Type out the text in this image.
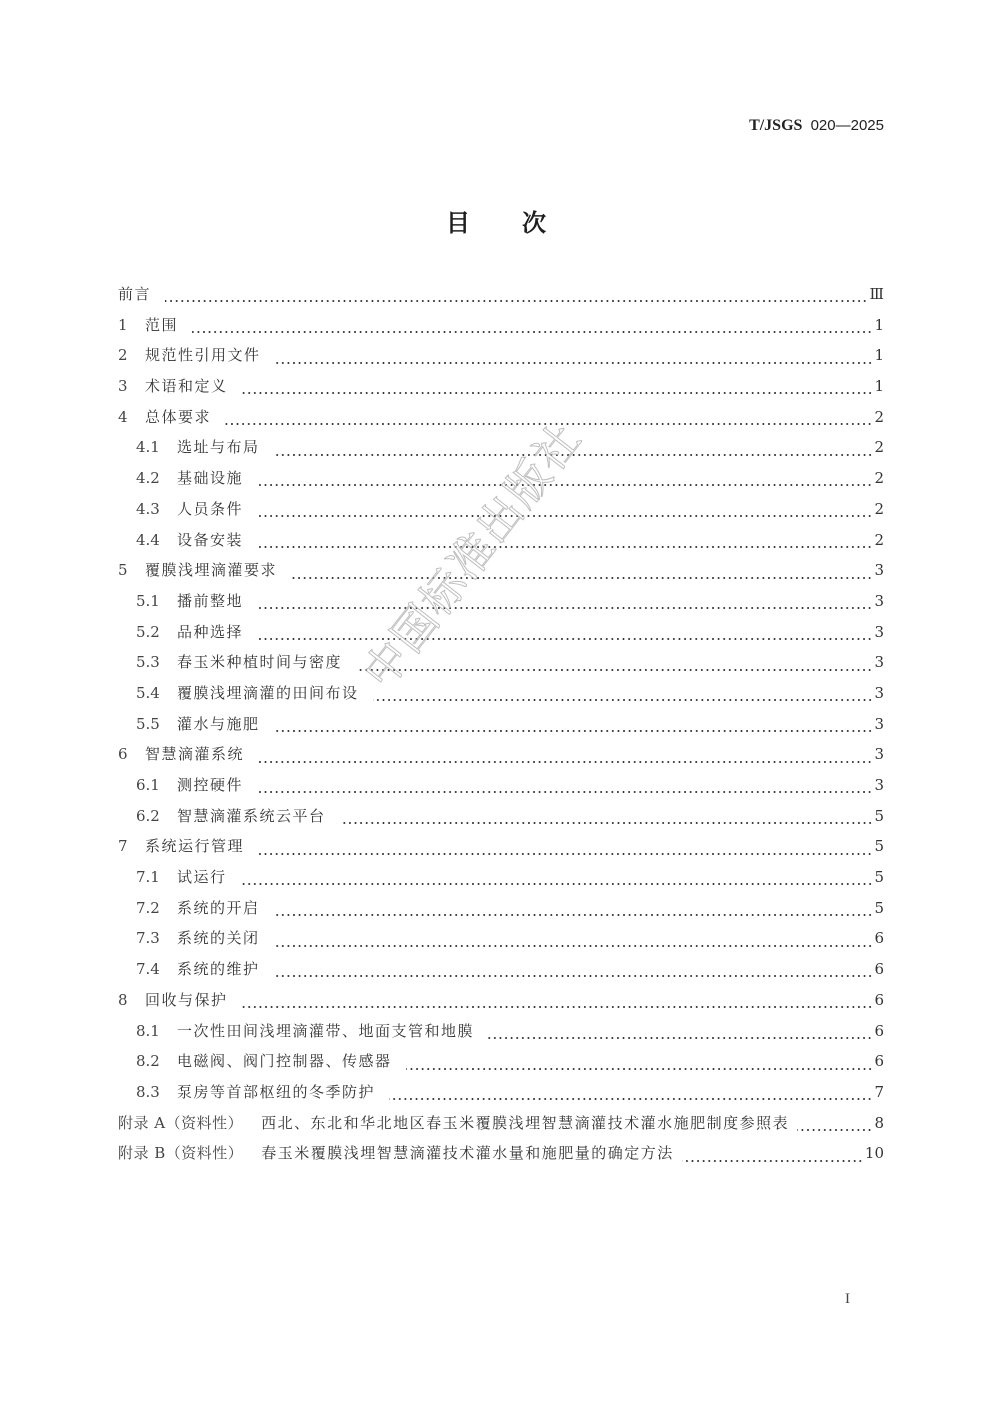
T/JSGS 020—2025
目 次
前言	Ⅲ
1	范围	1
2	规范性引用文件	1
3	术语和定义	1
4	总体要求	2
4.1	选址与布局	2
4.2	基础设施	2
4.3	人员条件	2
4.4	设备安装	2
5	覆膜浅埋滴灌要求	3
5.1	播前整地	3
5.2	品种选择	3
5.3	春玉米种植时间与密度	3
5.4	覆膜浅埋滴灌的田间布设	3
5.5	灌水与施肥	3
6	智慧滴灌系统	3
6.1	测控硬件	3
6.2	智慧滴灌系统云平台	5
7	系统运行管理	5
7.1	试运行	5
7.2	系统的开启	5
7.3	系统的关闭	6
7.4	系统的维护	6
8	回收与保护	6
8.1	一次性田间浅埋滴灌带、地面支管和地膜	6
8.2	电磁阀、阀门控制器、传感器	6
8.3	泵房等首部枢纽的冬季防护	7
附录 A（资料性） 西北、东北和华北地区春玉米覆膜浅埋智慧滴灌技术灌水施肥制度参照表	8
附录 B（资料性） 春玉米覆膜浅埋智慧滴灌技术灌水量和施肥量的确定方法	10
中国标准出版社
I
